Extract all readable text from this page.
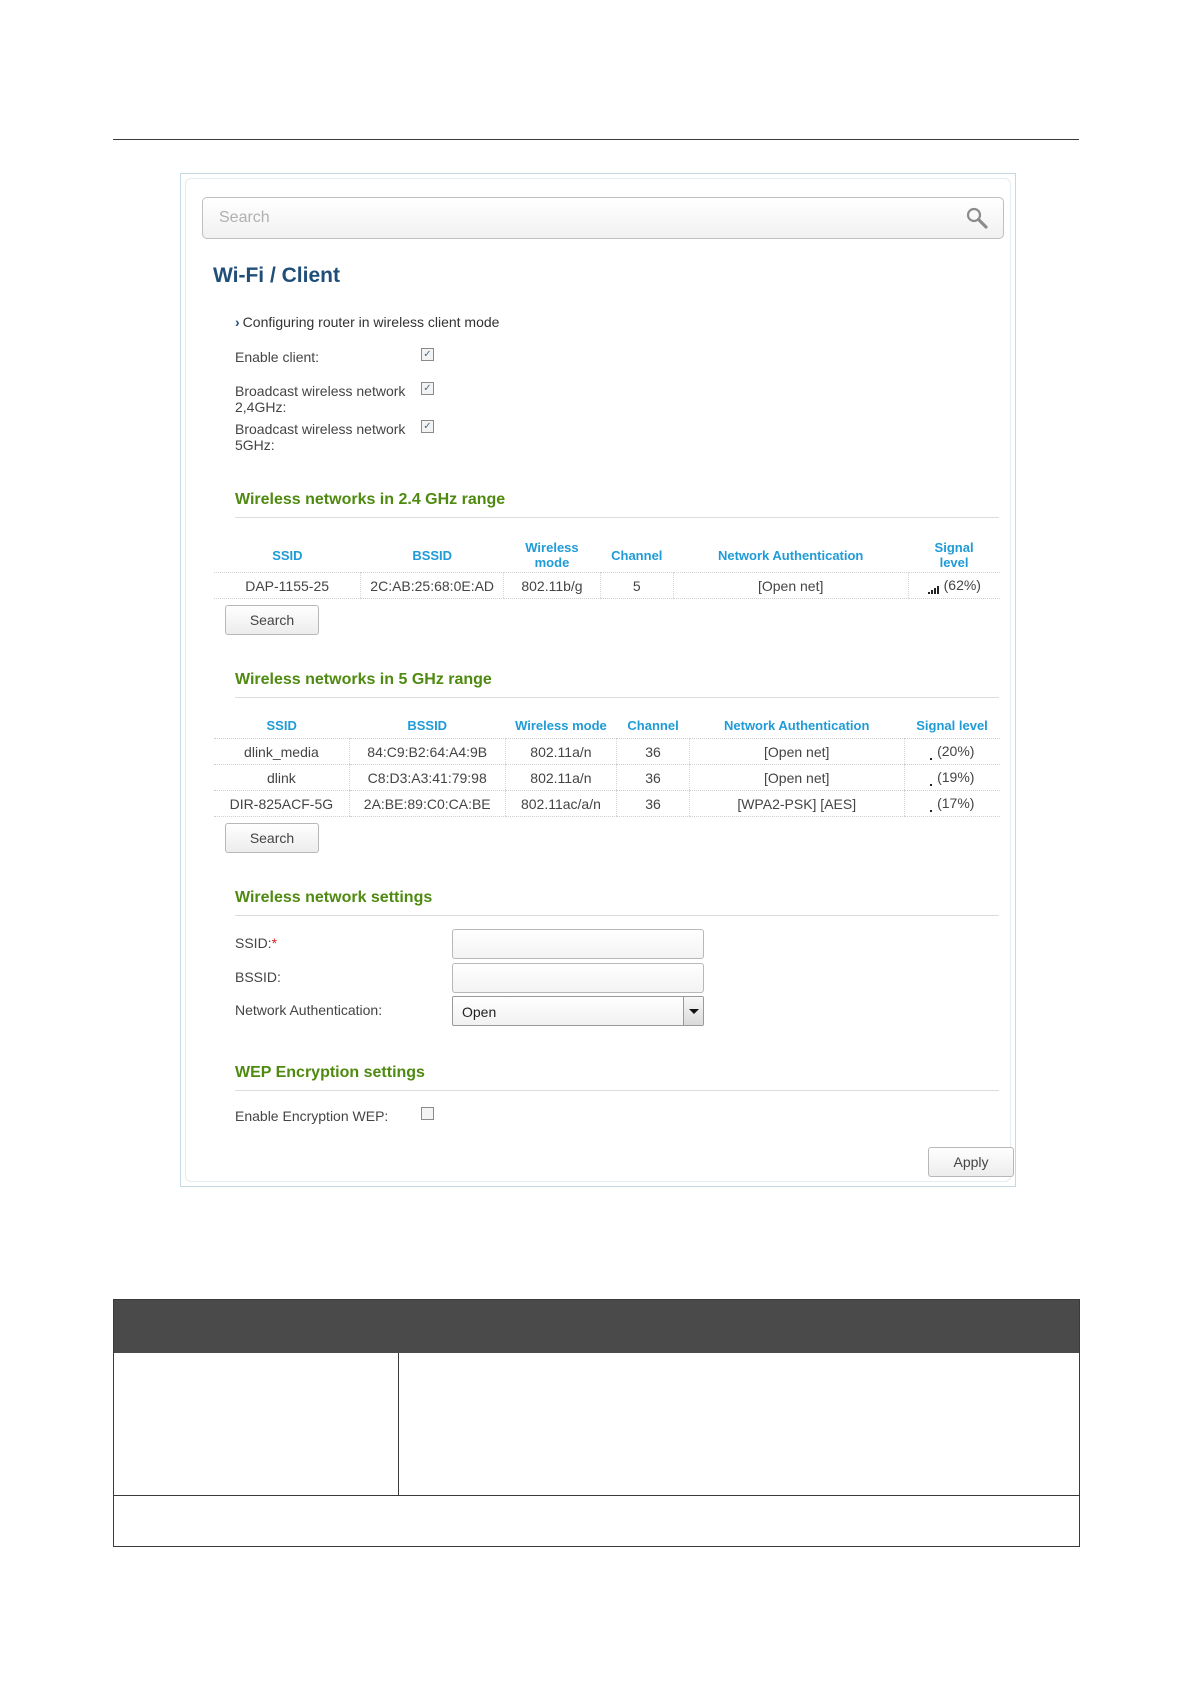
Search
Wi-Fi / Client
› Configuring router in wireless client mode
Enable client:	✓
Broadcast wireless network
2,4GHz:
✓
Broadcast wireless network
5GHz:
✓
Wireless networks in 2.4 GHz range
SSID	BSSID	Wireless
mode	Channel	Network Authentication	Signal
level
DAP-1155-25	2C:AB:25:68:0E:AD	802.11b/g	5	[Open net]	(62%)
Search
Wireless networks in 5 GHz range
SSID	BSSID	Wireless mode	Channel	Network Authentication	Signal level
dlink_media	84:C9:B2:64:A4:9B	802.11a/n	36	[Open net]	(20%)
dlink	C8:D3:A3:41:79:98	802.11a/n	36	[Open net]	(19%)
DIR-825ACF-5G	2A:BE:89:C0:CA:BE	802.11ac/a/n	36	[WPA2-PSK] [AES]	(17%)
Search
Wireless network settings
SSID:*
BSSID:
Network Authentication:	Open
WEP Encryption settings
Enable Encryption WEP:
Apply
